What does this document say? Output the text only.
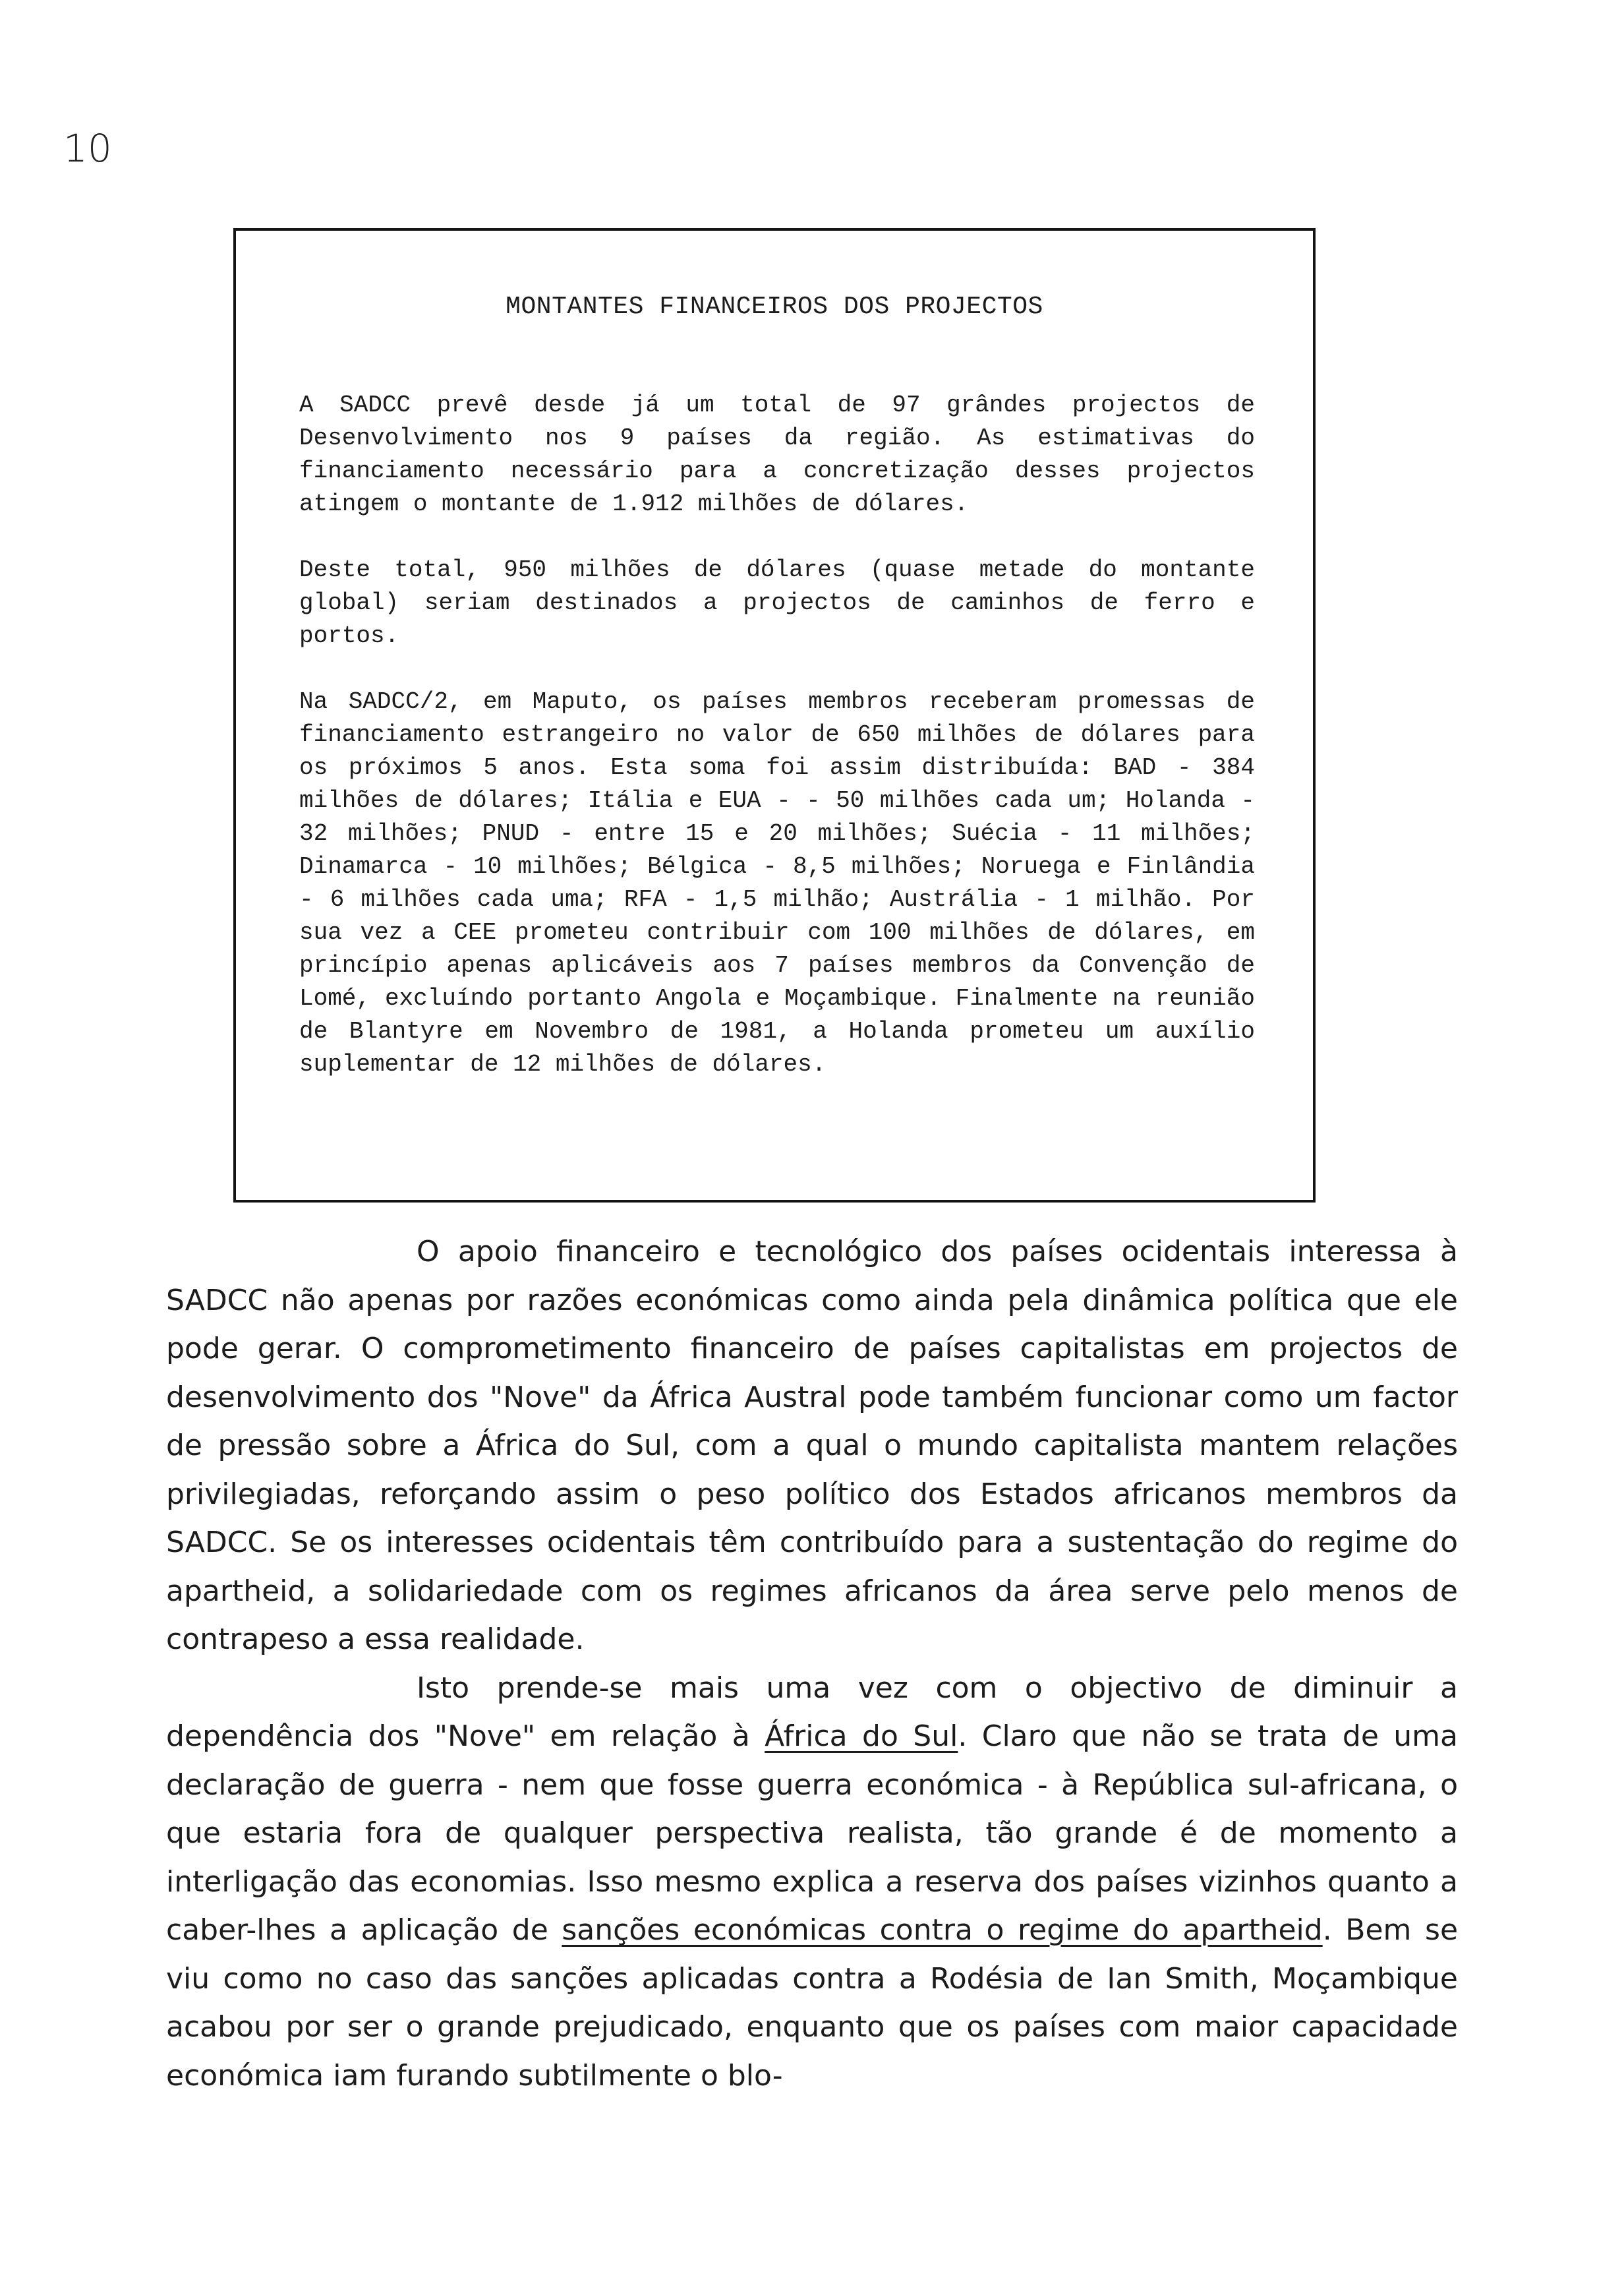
10
MONTANTES FINANCEIROS DOS PROJECTOS

A SADCC prevê desde já um total de 97 grândes projectos de Desenvolvimento nos 9 países da região. As estimativas do financiamento necessário para a concretização desses projectos atingem o montante de 1.912 milhões de dólares.

Deste total, 950 milhões de dólares (quase metade do montante global) seriam destinados a projectos de caminhos de ferro e portos.

Na SADCC/2, em Maputo, os países membros receberam promessas de financiamento estrangeiro no valor de 650 milhões de dólares para os próximos 5 anos. Esta soma foi assim distribuída: BAD - 384 milhões de dólares; Itália e EUA - - 50 milhões cada um; Holanda - 32 milhões; PNUD - entre 15 e 20 milhões; Suécia - 11 milhões; Dinamarca - 10 milhões; Bélgica - 8,5 milhões; Noruega e Finlândia - 6 milhões cada uma; RFA - 1,5 milhão; Austrália - 1 milhão. Por sua vez a CEE prometeu contribuir com 100 milhões de dólares, em princípio apenas aplicáveis aos 7 países membros da Convenção de Lomé, excluíndo portanto Angola e Moçambique. Finalmente na reunião de Blantyre em Novembro de 1981, a Holanda prometeu um auxílio suplementar de 12 milhões de dólares.

O apoio financeiro e tecnológico dos países ocidentais interessa à SADCC não apenas por razões económicas como ainda pela dinâmica política que ele pode gerar. O comprometimento financeiro de países capitalistas em projectos de desenvolvimento dos "Nove" da África Austral pode também funcionar como um factor de pressão sobre a África do Sul, com a qual o mundo capitalista mantem relações privilegiadas, reforçando assim o peso político dos Estados africanos membros da SADCC. Se os interesses ocidentais têm contribuído para a sustentação do regime do apartheid, a solidariedade com os regimes africanos da área serve pelo menos de contrapeso a essa realidade.

Isto prende-se mais uma vez com o objectivo de diminuir a dependência dos "Nove" em relação à África do Sul. Claro que não se trata de uma declaração de guerra - nem que fosse guerra económica - à República sul-africana, o que estaria fora de qualquer perspectiva realista, tão grande é de momento a interligação das economias. Isso mesmo explica a reserva dos países vizinhos quanto a caber-lhes a aplicação de sanções económicas contra o regime do apartheid. Bem se viu como no caso das sanções aplicadas contra a Rodésia de Ian Smith, Moçambique acabou por ser o grande prejudicado, enquanto que os países com maior capacidade económica iam furando subtilmente o blo-
